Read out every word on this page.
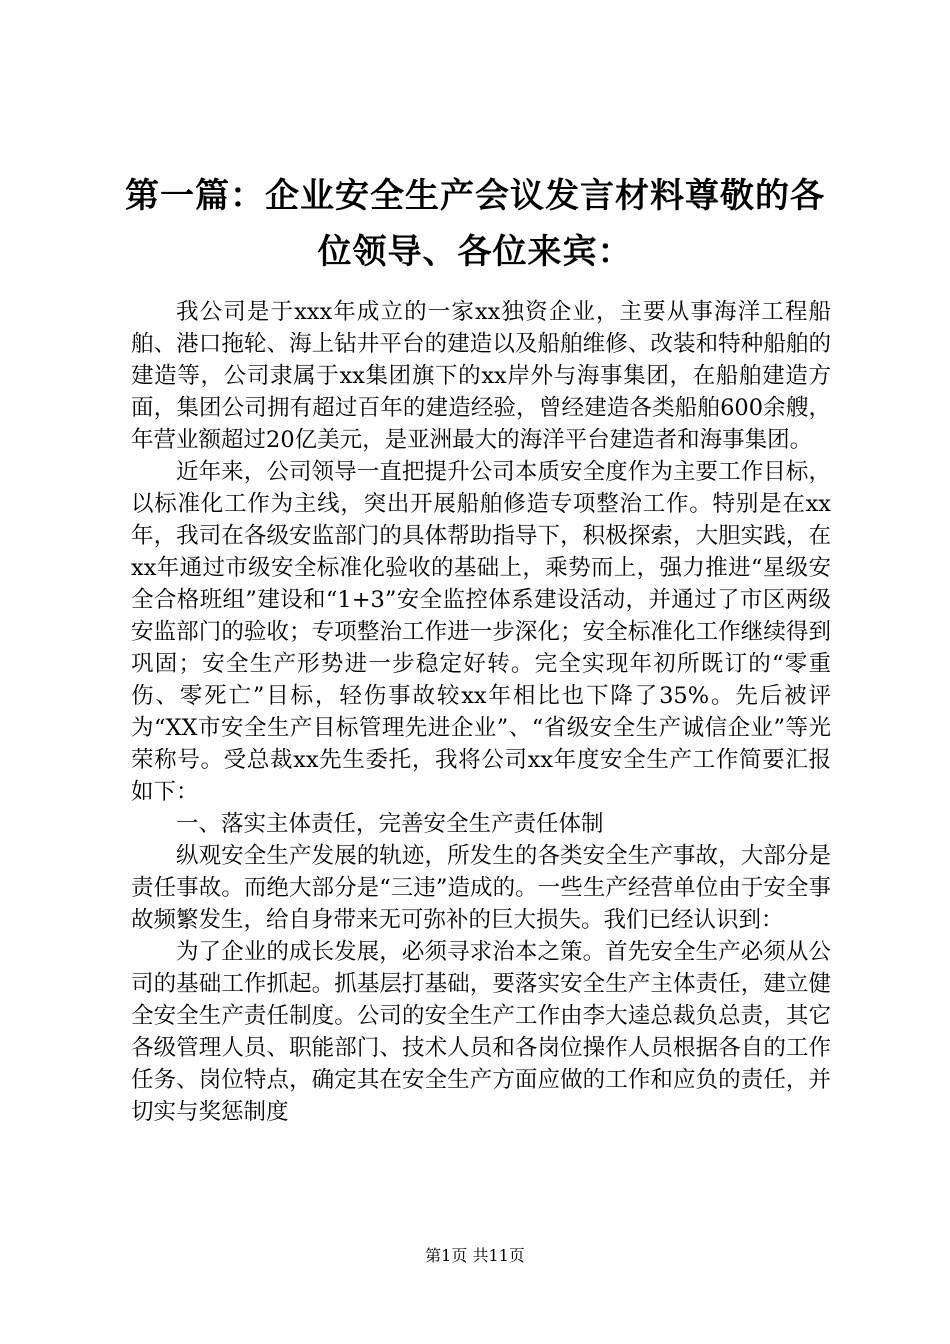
第一篇：企业安全生产会议发言材料尊敬的各位领导、各位来宾：

我公司是于xxx年成立的一家xx独资企业，主要从事海洋工程船舶、港口拖轮、海上钻井平台的建造以及船舶维修、改装和特种船舶的建造等，公司隶属于xx集团旗下的xx岸外与海事集团，在船舶建造方面，集团公司拥有超过百年的建造经验，曾经建造各类船舶600余艘，年营业额超过20亿美元，是亚洲最大的海洋平台建造者和海事集团。

近年来，公司领导一直把提升公司本质安全度作为主要工作目标，以标准化工作为主线，突出开展船舶修造专项整治工作。特别是在xx年，我司在各级安监部门的具体帮助指导下，积极探索，大胆实践，在xx年通过市级安全标准化验收的基础上，乘势而上，强力推进“星级安全合格班组”建设和“1+3”安全监控体系建设活动，并通过了市区两级安监部门的验收；专项整治工作进一步深化；安全标准化工作继续得到巩固；安全生产形势进一步稳定好转。完全实现年初所既订的“零重伤、零死亡”目标，轻伤事故较xx年相比也下降了35%。先后被评为“XX市安全生产目标管理先进企业”、“省级安全生产诚信企业”等光荣称号。受总裁xx先生委托，我将公司xx年度安全生产工作简要汇报如下：

一、落实主体责任，完善安全生产责任体制

纵观安全生产发展的轨迹，所发生的各类安全生产事故，大部分是责任事故。而绝大部分是“三违”造成的。一些生产经营单位由于安全事故频繁发生，给自身带来无可弥补的巨大损失。我们已经认识到：

为了企业的成长发展，必须寻求治本之策。首先安全生产必须从公司的基础工作抓起。抓基层打基础，要落实安全生产主体责任，建立健全安全生产责任制度。公司的安全生产工作由李大逵总裁负总责，其它各级管理人员、职能部门、技术人员和各岗位操作人员根据各自的工作任务、岗位特点，确定其在安全生产方面应做的工作和应负的责任，并切实与奖惩制度

第1页 共11页
